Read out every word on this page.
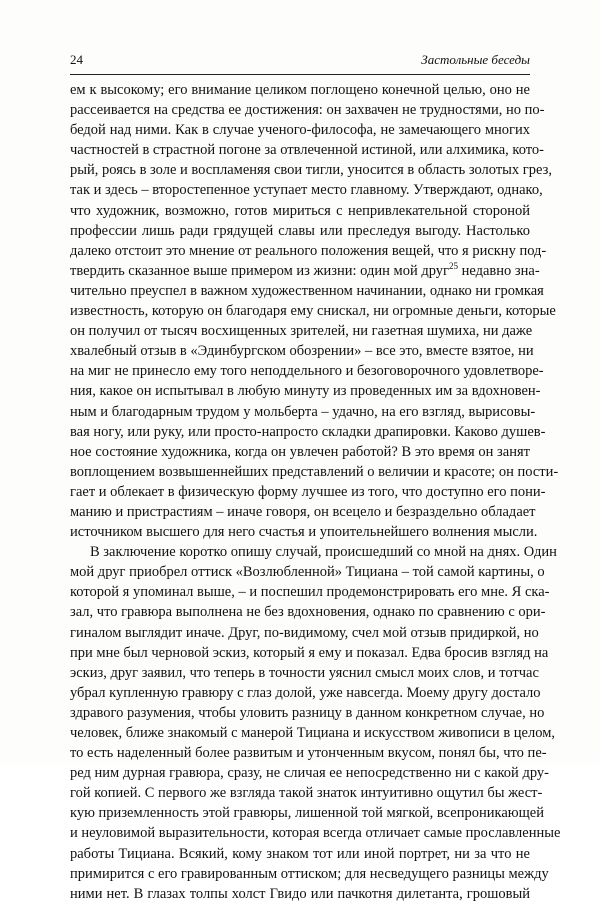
24	Застольные беседы

ем к высокому; его внимание целиком поглощено конечной целью, оно не
рассеивается на средства ее достижения: он захвачен не трудностями, но по-
бедой над ними. Как в случае ученого-философа, не замечающего многих
частностей в страстной погоне за отвлеченной истиной, или алхимика, кото-
рый, роясь в золе и воспламеняя свои тигли, уносится в область золотых грез,
так и здесь – второстепенное уступает место главному. Утверждают, однако,
что художник, возможно, готов мириться с непривлекательной стороной
профессии лишь ради грядущей славы или преследуя выгоду. Настолько
далеко отстоит это мнение от реального положения вещей, что я рискну под-
твердить сказанное выше примером из жизни: один мой друг$^{25}$ недавно зна-
чительно преуспел в важном художественном начинании, однако ни громкая
известность, которую он благодаря ему снискал, ни огромные деньги, которые
он получил от тысяч восхищенных зрителей, ни газетная шумиха, ни даже
хвалебный отзыв в «Эдинбургском обозрении» – все это, вместе взятое, ни
на миг не принесло ему того неподдельного и безоговорочного удовлетворе-
ния, какое он испытывал в любую минуту из проведенных им за вдохновен-
ным и благодарным трудом у мольберта – удачно, на его взгляд, вырисовы-
вая ногу, или руку, или просто-напросто складки драпировки. Каково душев-
ное состояние художника, когда он увлечен работой? В это время он занят
воплощением возвышеннейших представлений о величии и красоте; он пости-
гает и облекает в физическую форму лучшее из того, что доступно его пони-
манию и пристрастиям – иначе говоря, он всецело и безраздельно обладает
источником высшего для него счастья и упоительнейшего волнения мысли.

В заключение коротко опишу случай, происшедший со мной на днях. Один
мой друг приобрел оттиск «Возлюбленной» Тициана – той самой картины, о
которой я упоминал выше, – и поспешил продемонстрировать его мне. Я ска-
зал, что гравюра выполнена не без вдохновения, однако по сравнению с ори-
гиналом выглядит иначе. Друг, по-видимому, счел мой отзыв придиркой, но
при мне был черновой эскиз, который я ему и показал. Едва бросив взгляд на
эскиз, друг заявил, что теперь в точности уяснил смысл моих слов, и тотчас
убрал купленную гравюру с глаз долой, уже навсегда. Моему другу достало
здравого разумения, чтобы уловить разницу в данном конкретном случае, но
человек, ближе знакомый с манерой Тициана и искусством живописи в целом,
то есть наделенный более развитым и утонченным вкусом, понял бы, что пе-
ред ним дурная гравюра, сразу, не сличая ее непосредственно ни с какой дру-
гой копией. С первого же взгляда такой знаток интуитивно ощутил бы жест-
кую приземленность этой гравюры, лишенной той мягкой, всепроникающей
и неуловимой выразительности, которая всегда отличает самые прославленные
работы Тициана. Всякий, кому знаком тот или иной портрет, ни за что не
примирится с его гравированным оттиском; для несведущего разницы между
ними нет. В глазах толпы холст Гвидо или пачкотня дилетанта, грошовый
